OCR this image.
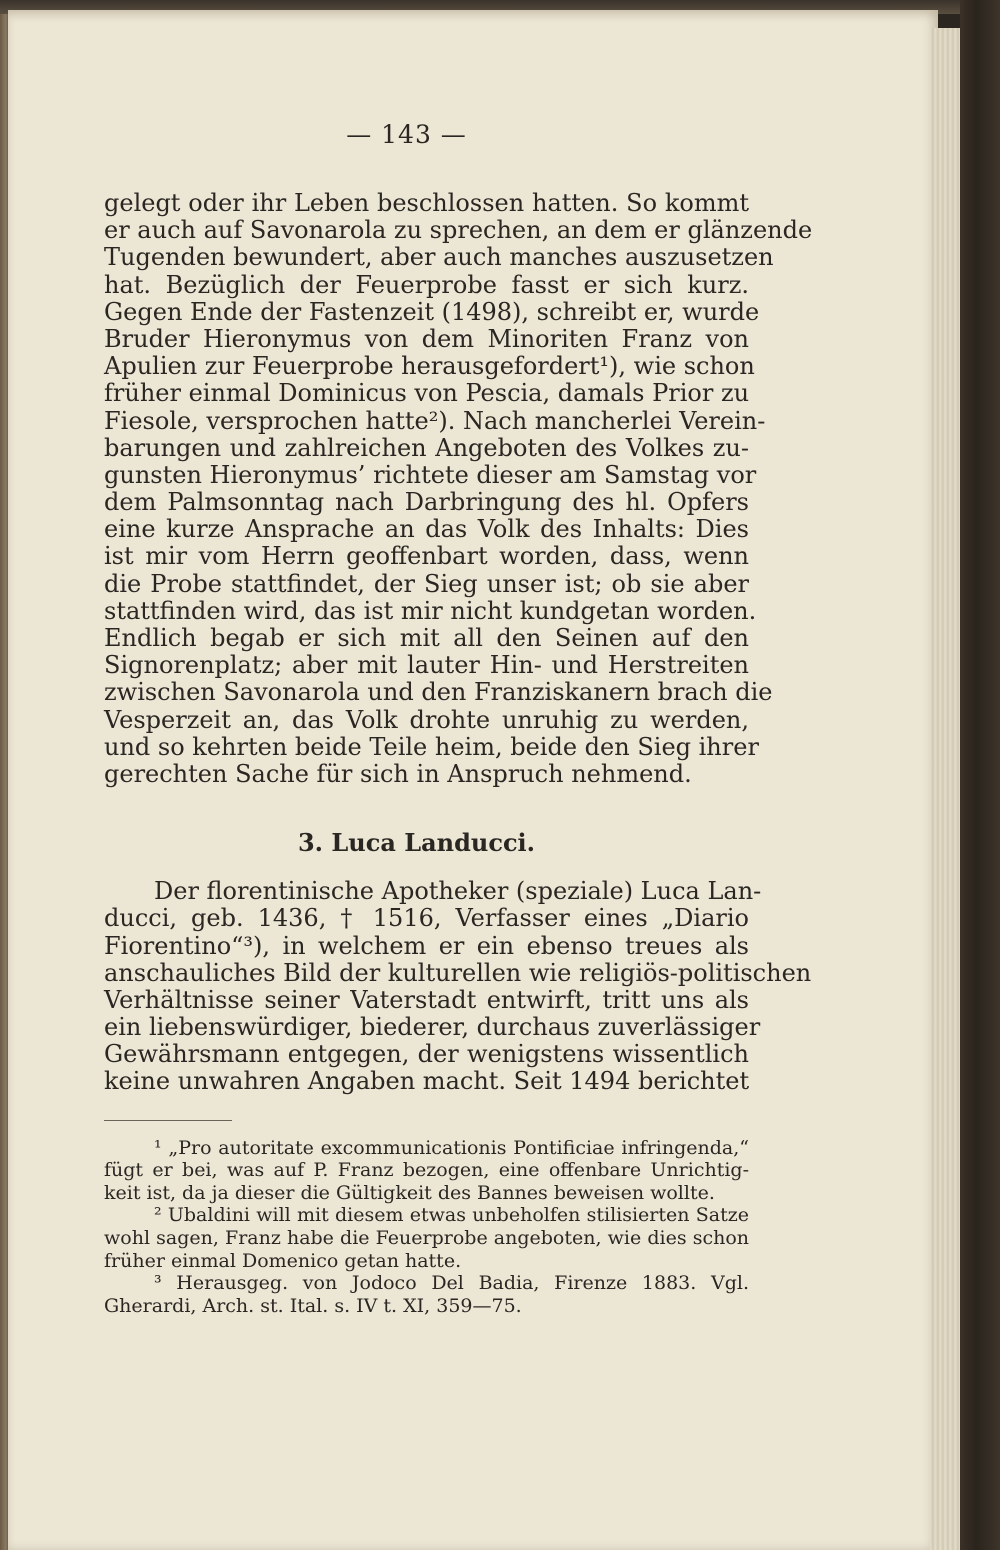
— 143 —
gelegt oder ihr Leben beschlossen hatten. So kommt
er auch auf Savonarola zu sprechen, an dem er glänzende
Tugenden bewundert, aber auch manches auszusetzen
hat. Bezüglich der Feuerprobe fasst er sich kurz.
Gegen Ende der Fastenzeit (1498), schreibt er, wurde
Bruder Hieronymus von dem Minoriten Franz von
Apulien zur Feuerprobe herausgefordert¹), wie schon
früher einmal Dominicus von Pescia, damals Prior zu
Fiesole, versprochen hatte²). Nach mancherlei Verein-
barungen und zahlreichen Angeboten des Volkes zu-
gunsten Hieronymus’ richtete dieser am Samstag vor
dem Palmsonntag nach Darbringung des hl. Opfers
eine kurze Ansprache an das Volk des Inhalts: Dies
ist mir vom Herrn geoffenbart worden, dass, wenn
die Probe stattfindet, der Sieg unser ist; ob sie aber
stattfinden wird, das ist mir nicht kundgetan worden.
Endlich begab er sich mit all den Seinen auf den
Signorenplatz; aber mit lauter Hin- und Herstreiten
zwischen Savonarola und den Franziskanern brach die
Vesperzeit an, das Volk drohte unruhig zu werden,
und so kehrten beide Teile heim, beide den Sieg ihrer
gerechten Sache für sich in Anspruch nehmend.
3. Luca Landucci.
Der florentinische Apotheker (speziale) Luca Lan-
ducci, geb. 1436, † 1516, Verfasser eines „Diario
Fiorentino“³), in welchem er ein ebenso treues als
anschauliches Bild der kulturellen wie religiös-politischen
Verhältnisse seiner Vaterstadt entwirft, tritt uns als
ein liebenswürdiger, biederer, durchaus zuverlässiger
Gewährsmann entgegen, der wenigstens wissentlich
keine unwahren Angaben macht. Seit 1494 berichtet
¹ „Pro autoritate excommunicationis Pontificiae infringenda,“
fügt er bei, was auf P. Franz bezogen, eine offenbare Unrichtig-
keit ist, da ja dieser die Gültigkeit des Bannes beweisen wollte.
² Ubaldini will mit diesem etwas unbeholfen stilisierten Satze
wohl sagen, Franz habe die Feuerprobe angeboten, wie dies schon
früher einmal Domenico getan hatte.
³ Herausgeg. von Jodoco Del Badia, Firenze 1883. Vgl.
Gherardi, Arch. st. Ital. s. IV t. XI, 359—75.
